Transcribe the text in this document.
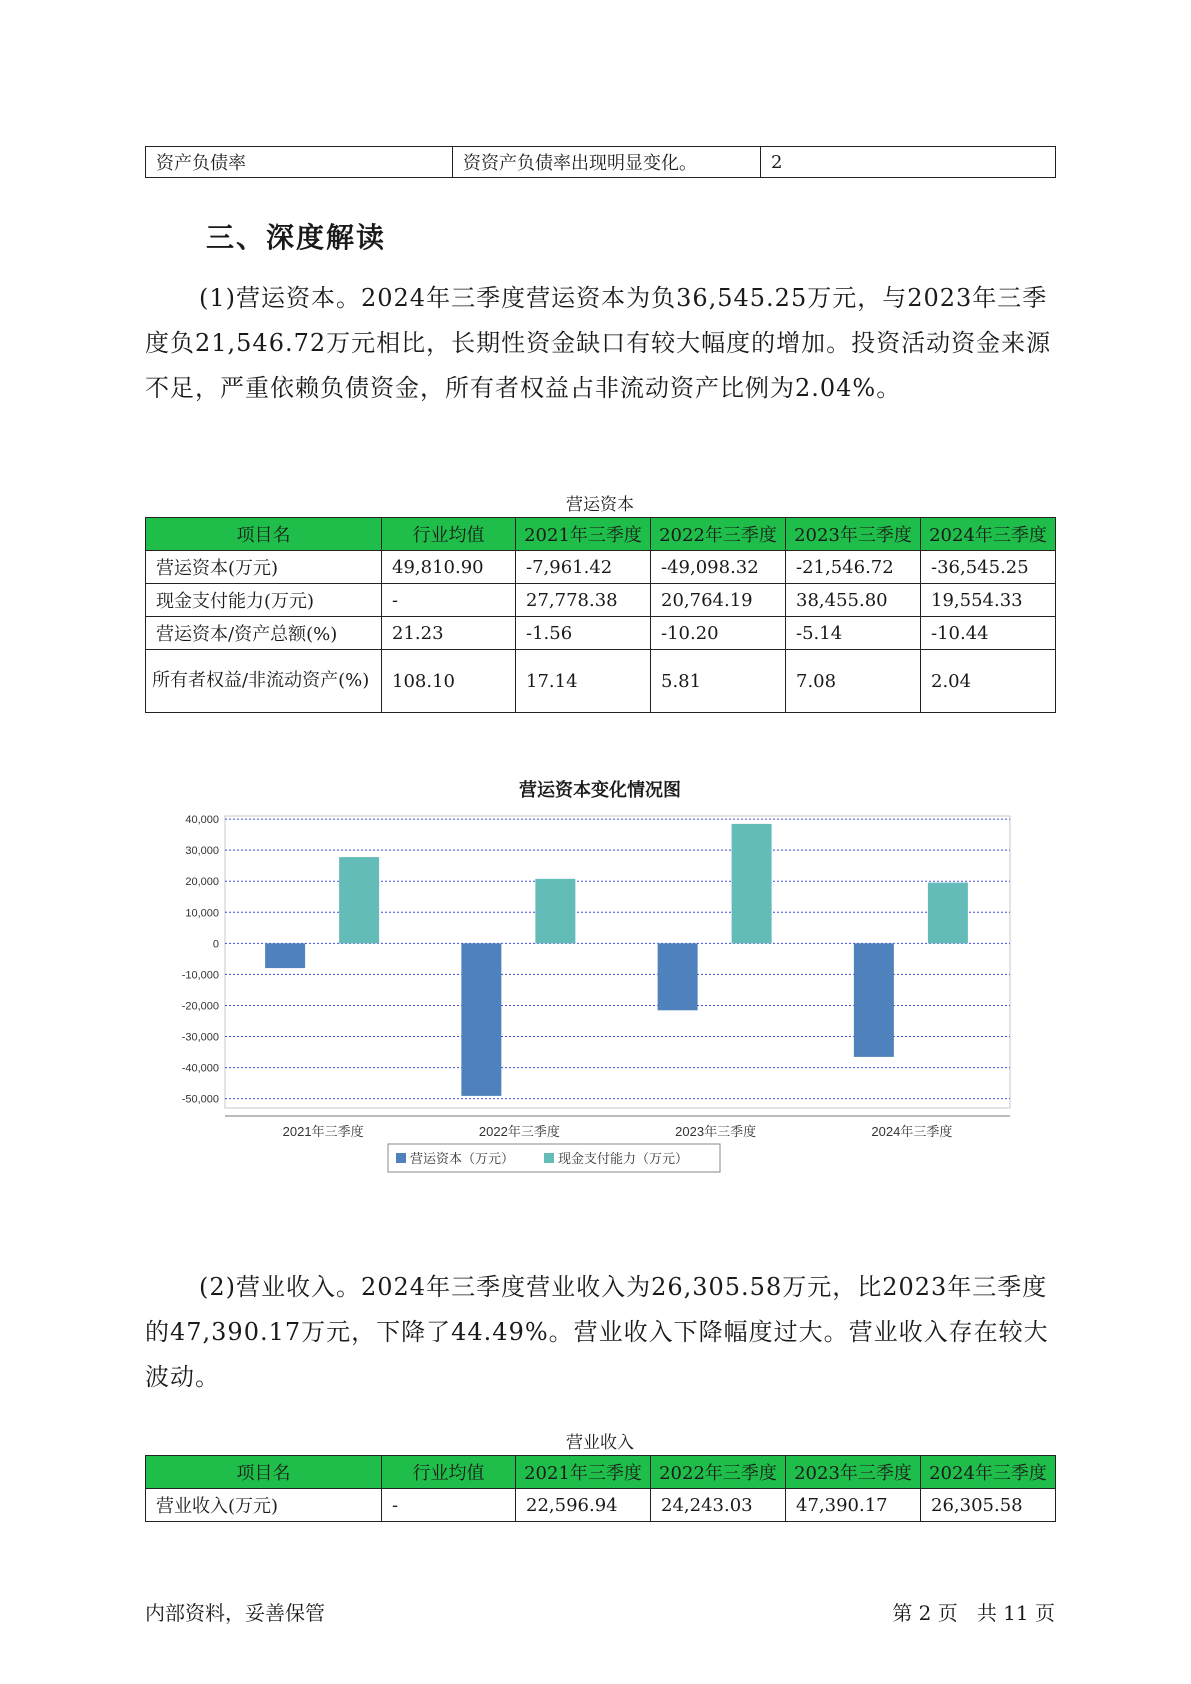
资产负债率	资资产负债率出现明显变化。	2
三、深度解读

(1)营运资本。2024年三季度营运资本为负36,545.25万元，与2023年三季度负21,546.72万元相比，长期性资金缺口有较大幅度的增加。投资活动资金来源不足，严重依赖负债资金，所有者权益占非流动资产比例为2.04%。

营运资本
项目名	行业均值	2021年三季度	2022年三季度	2023年三季度	2024年三季度
营运资本(万元)	49,810.90	-7,961.42	-49,098.32	-21,546.72	-36,545.25
现金支付能力(万元)	-	27,778.38	20,764.19	38,455.80	19,554.33
营运资本/资产总额(%)	21.23	-1.56	-10.20	-5.14	-10.44
所有者权益/非流动资产(%)	108.10	17.14	5.81	7.08	2.04
营运资本变化情况图
40,000
30,000
20,000
10,000
0
-10,000
-20,000
-30,000
-40,000
-50,000
2021年三季度	2022年三季度	2023年三季度	2024年三季度
营运资本（万元）	现金支付能力（万元）

(2)营业收入。2024年三季度营业收入为26,305.58万元，比2023年三季度的47,390.17万元，下降了44.49%。营业收入下降幅度过大。营业收入存在较大波动。

营业收入
项目名	行业均值	2021年三季度	2022年三季度	2023年三季度	2024年三季度
营业收入(万元)	-	22,596.94	24,243.03	47,390.17	26,305.58
内部资料，妥善保管	第 2 页   共 11 页
